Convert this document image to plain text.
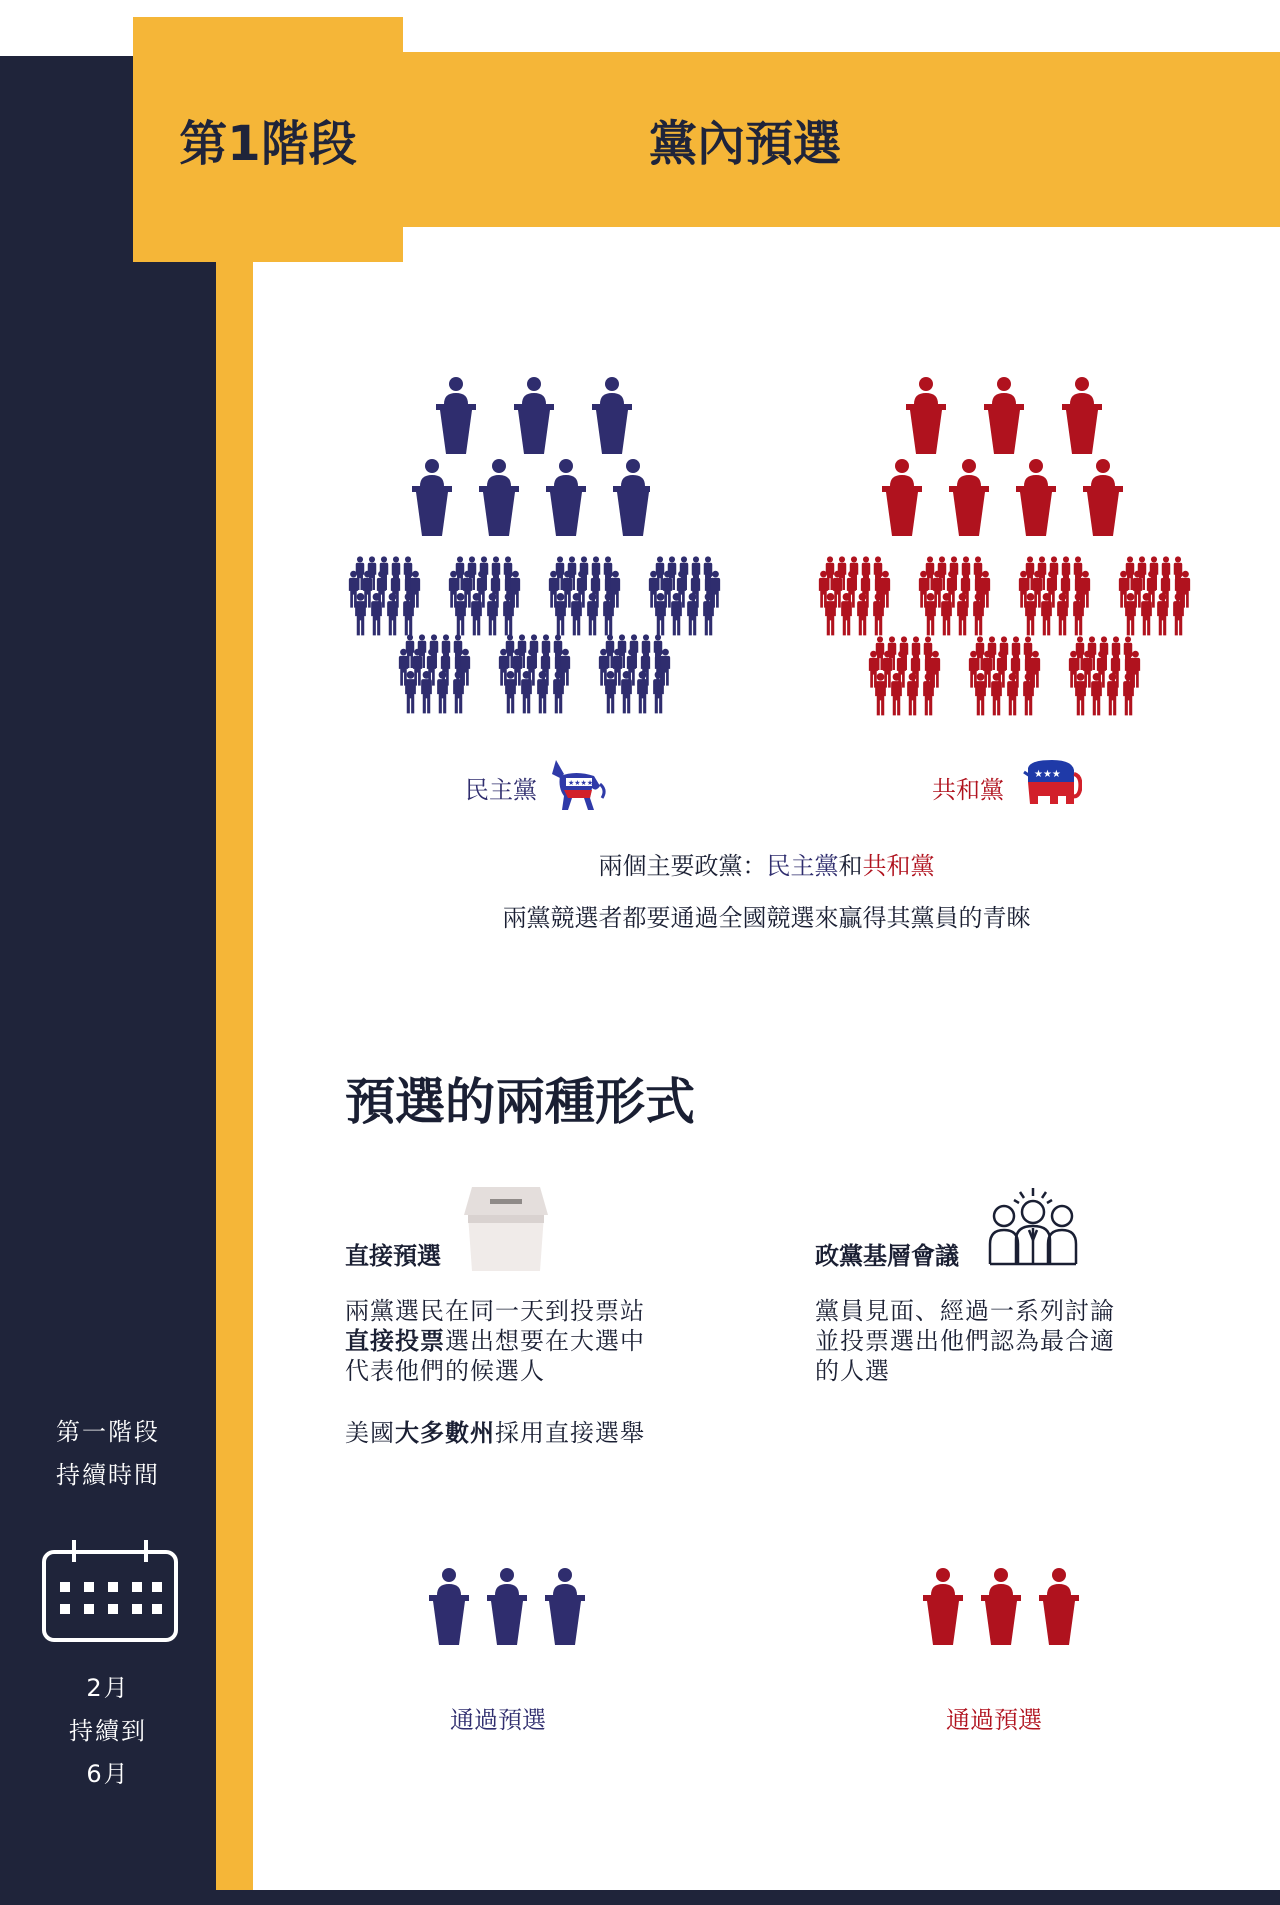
第1階段	黨內預選
民主黨	★★★★	共和黨
★★★
兩個主要政黨：民主黨和共和黨
兩黨競選者都要通過全國競選來贏得其黨員的青睞
預選的兩種形式
直接預選
兩黨選民在同一天到投票站
直接投票選出想要在大選中
代表他們的候選人
美國大多數州採用直接選舉
政黨基層會議
黨員見面、經過一系列討論
並投票選出他們認為最合適
的人選
通過預選	通過預選
第一階段
持續時間
2月
持續到
6月
